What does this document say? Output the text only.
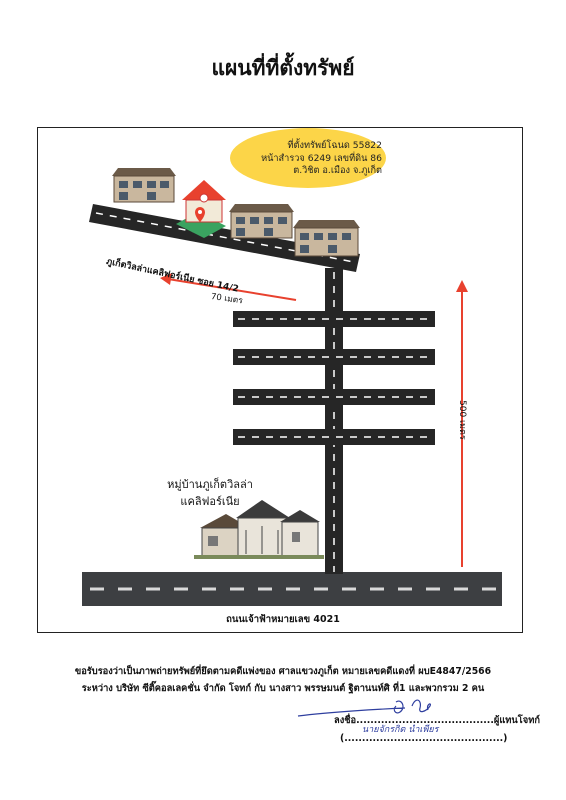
แผนที่ที่ตั้งทรัพย์
ที่ตั้งทรัพย์โฉนด 55822
หน้าสำรวจ 6249 เลขที่ดิน 86
ต.วิชิต อ.เมือง จ.ภูเก็ต
ภูเก็ตวิลล่าแคลิฟอร์เนีย ซอย 14/2
70 เมตร
500 เมตร
หมู่บ้านภูเก็ตวิลล่า
แคลิฟอร์เนีย
ถนนเจ้าฟ้าหมายเลข 4021
ขอรับรองว่าเป็นภาพถ่ายทรัพย์ที่ยึดตามคดีแพ่งของ ศาลแขวงภูเก็ต หมายเลขคดีแดงที่ ผบE4847/2566
ระหว่าง บริษัท ซีติ๊คอลเลคชั่น จำกัด โจทก์ กับ นางสาว พรรษมนต์ ฐิตานนท์ศิ ที่1 และพวกรวม 2 คน
ลงชื่อ.......................................ผู้แทนโจทก์
นายจักรกิต นำเพียร
(.............................................)
